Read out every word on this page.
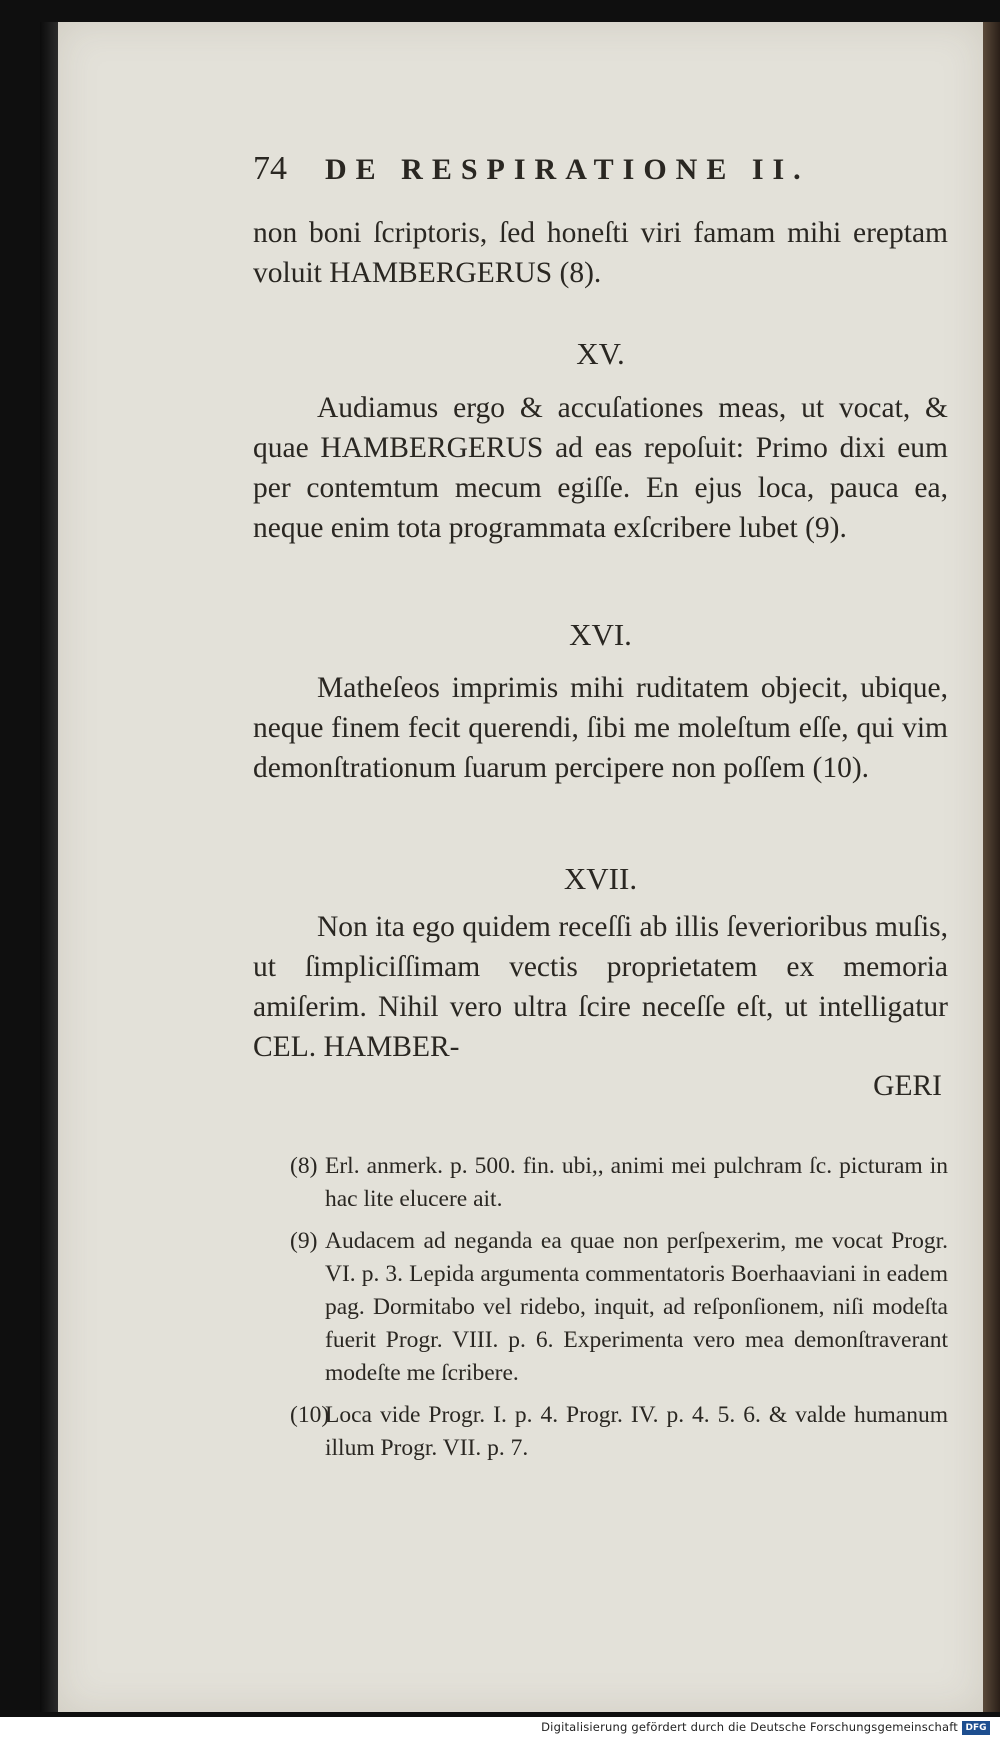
74 DE RESPIRATIONE II.

non boni ſcriptoris, ſed honeſti viri famam mihi ereptam voluit HAMBERGERUS (8).

XV.

Audiamus ergo & accuſationes meas, ut vocat, & quae HAMBERGERUS ad eas repoſuit: Primo dixi eum per contemtum mecum egiſſe. En ejus loca, pauca ea, neque enim tota programmata exſcribere lubet (9).

XVI.

Matheſeos imprimis mihi ruditatem objecit, ubique, neque finem fecit querendi, ſibi me moleſtum eſſe, qui vim demonſtrationum ſuarum percipere non poſſem (10).

XVII.

Non ita ego quidem receſſi ab illis ſeverioribus muſis, ut ſimpliciſſimam vectis proprietatem ex memoria amiſerim. Nihil vero ultra ſcire neceſſe eſt, ut intelligatur CEL. HAMBER-

GERI

(8) Erl. anmerk. p. 500. fin. ubi,, animi mei pulchram ſc. picturam in hac lite elucere ait.

(9) Audacem ad neganda ea quae non perſpexerim, me vocat Progr. VI. p. 3. Lepida argumenta commentatoris Boerhaaviani in eadem pag. Dormitabo vel ridebo, inquit, ad reſponſionem, niſi modeſta fuerit Progr. VIII. p. 6. Experimenta vero mea demonſtraverant modeſte me ſcribere.

(10)Loca vide Progr. I. p. 4. Progr. IV. p. 4. 5. 6. & valde humanum illum Progr. VII. p. 7.

Digitalisierung gefördert durch die Deutsche Forschungsgemeinschaft DFG
